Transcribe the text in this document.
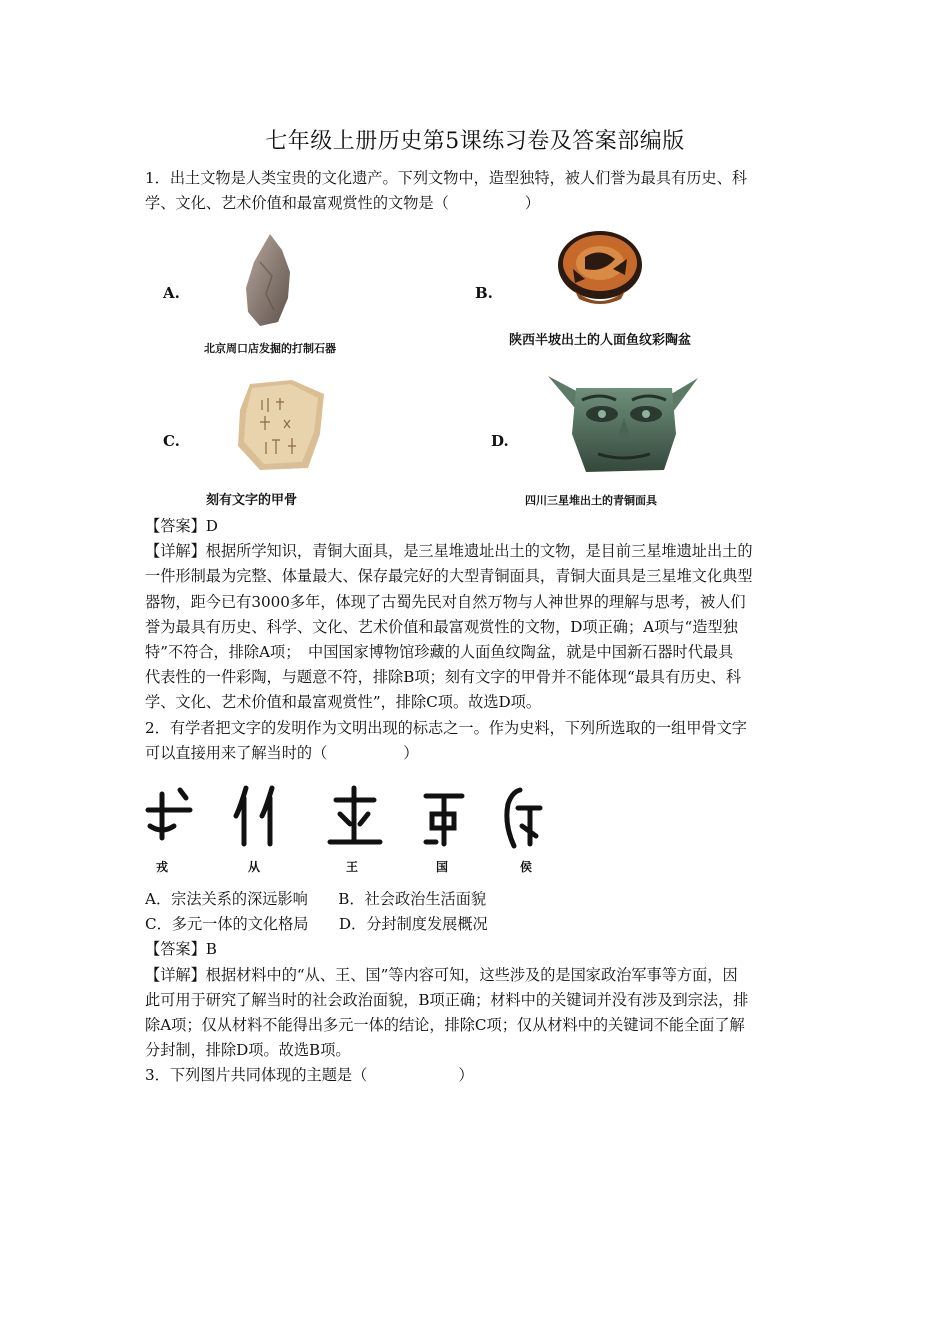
七年级上册历史第5课练习卷及答案部编版
1．出土文物是人类宝贵的文化遗产。下列文物中，造型独特，被人们誉为最具有历史、科
学、文化、艺术价值和最富观赏性的文物是（　　　　　）
A.
北京周口店发掘的打制石器
B.
陕西半坡出土的人面鱼纹彩陶盆
C.
刻有文字的甲骨
D.
四川三星堆出土的青铜面具
【答案】D
【详解】根据所学知识，青铜大面具，是三星堆遗址出土的文物，是目前三星堆遗址出土的
一件形制最为完整、体量最大、保存最完好的大型青铜面具，青铜大面具是三星堆文化典型
器物，距今已有3000多年，体现了古蜀先民对自然万物与人神世界的理解与思考，被人们
誉为最具有历史、科学、文化、艺术价值和最富观赏性的文物，D项正确；A项与“造型独
特”不符合，排除A项；　中国国家博物馆珍藏的人面鱼纹陶盆，就是中国新石器时代最具
代表性的一件彩陶，与题意不符，排除B项；刻有文字的甲骨并不能体现“最具有历史、科
学、文化、艺术价值和最富观赏性”，排除C项。故选D项。
2．有学者把文字的发明作为文明出现的标志之一。作为史料，下列所选取的一组甲骨文字
可以直接用来了解当时的（　　　　　）
戎	从	王	国	侯
A．宗法关系的深远影响　　B．社会政治生活面貌
C．多元一体的文化格局　　D．分封制度发展概况
【答案】B
【详解】根据材料中的“从、王、国”等内容可知，这些涉及的是国家政治军事等方面，因
此可用于研究了解当时的社会政治面貌，B项正确；材料中的关键词并没有涉及到宗法，排
除A项；仅从材料不能得出多元一体的结论，排除C项；仅从材料中的关键词不能全面了解
分封制，排除D项。故选B项。
3．下列图片共同体现的主题是（　　　　　　）
